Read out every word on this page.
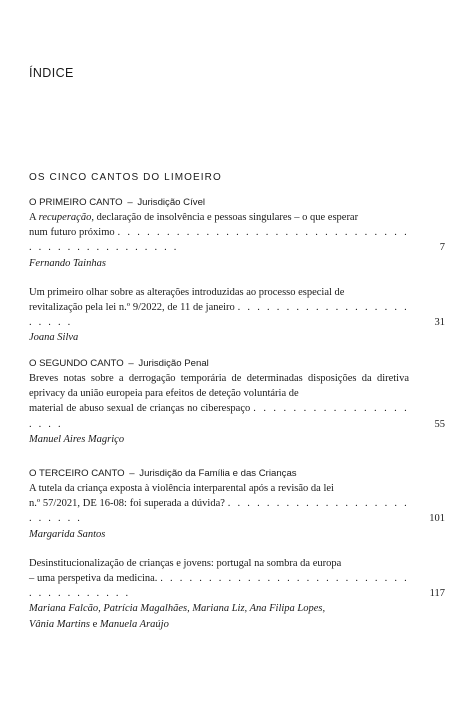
ÍNDICE
OS CINCO CANTOS DO LIMOEIRO
O PRIMEIRO CANTO – Jurisdição Cível
A recuperação, declaração de insolvência e pessoas singulares – o que esperar
num futuro próximo . . . . . . . . . . . . . . . . . . . . . . . . . . . . . . . . . . . . . . . . . . . . . .	7
Fernando Tainhas
Um primeiro olhar sobre as alterações introduzidas ao processo especial de
revitalização pela lei n.º 9/2022, de 11 de janeiro . . . . . . . . . . . . . . . . . . . . . . .	31
Joana Silva
O SEGUNDO CANTO – Jurisdição Penal
Breves notas sobre a derrogação temporária de determinadas disposições da diretiva eprivacy da união europeia para efeitos de deteção voluntária de
material de abuso sexual de crianças no ciberespaço . . . . . . . . . . . . . . . . . . . .	55
Manuel Aires Magriço
O TERCEIRO CANTO – Jurisdição da Família e das Crianças
A tutela da criança exposta à violência interparental após a revisão da lei
n.º 57/2021, DE 16-08: foi superada a dúvida? . . . . . . . . . . . . . . . . . . . . . . . . .	101
Margarida Santos
Desinstitucionalização de crianças e jovens: portugal na sombra da europa
– uma perspetiva da medicina. . . . . . . . . . . . . . . . . . . . . . . . . . . . . . . . . . . . . .	117
Mariana Falcão, Patrícia Magalhães, Mariana Liz, Ana Filipa Lopes,
Vânia Martins e Manuela Araújo
